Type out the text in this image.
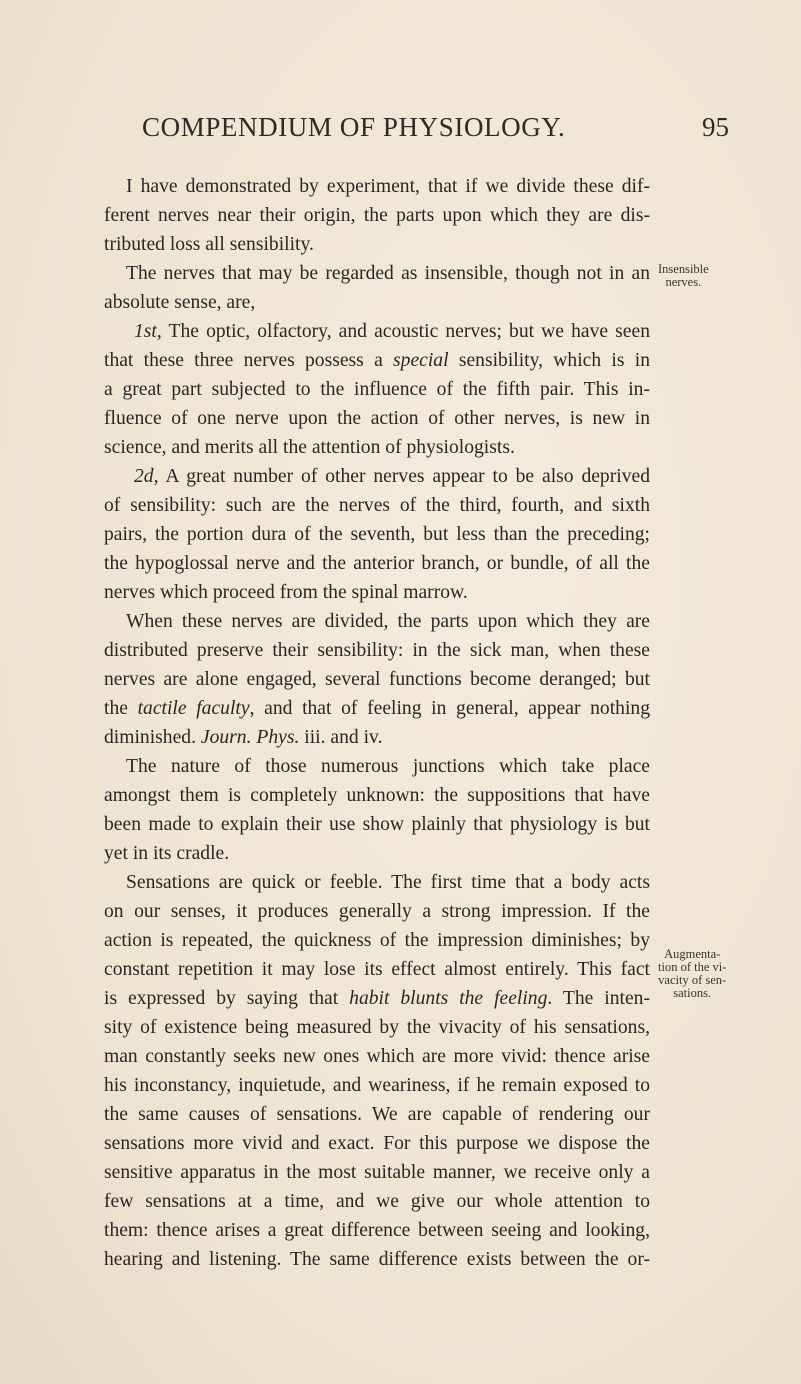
COMPENDIUM OF PHYSIOLOGY.	95
I have demonstrated by experiment, that if we divide these dif-
ferent nerves near their origin, the parts upon which they are dis-
tributed loss all sensibility.
The nerves that may be regarded as insensible, though not in an
absolute sense, are,
1st, The optic, olfactory, and acoustic nerves; but we have seen
that these three nerves possess a special sensibility, which is in
a great part subjected to the influence of the fifth pair. This in-
fluence of one nerve upon the action of other nerves, is new in
science, and merits all the attention of physiologists.
2d, A great number of other nerves appear to be also deprived
of sensibility: such are the nerves of the third, fourth, and sixth
pairs, the portion dura of the seventh, but less than the preceding;
the hypoglossal nerve and the anterior branch, or bundle, of all the
nerves which proceed from the spinal marrow.
When these nerves are divided, the parts upon which they are
distributed preserve their sensibility: in the sick man, when these
nerves are alone engaged, several functions become deranged; but
the tactile faculty, and that of feeling in general, appear nothing
diminished. Journ. Phys. iii. and iv.
The nature of those numerous junctions which take place
amongst them is completely unknown: the suppositions that have
been made to explain their use show plainly that physiology is but
yet in its cradle.
Sensations are quick or feeble. The first time that a body acts
on our senses, it produces generally a strong impression. If the
action is repeated, the quickness of the impression diminishes; by
constant repetition it may lose its effect almost entirely. This fact
is expressed by saying that habit blunts the feeling. The inten-
sity of existence being measured by the vivacity of his sensations,
man constantly seeks new ones which are more vivid: thence arise
his inconstancy, inquietude, and weariness, if he remain exposed to
the same causes of sensations. We are capable of rendering our
sensations more vivid and exact. For this purpose we dispose the
sensitive apparatus in the most suitable manner, we receive only a
few sensations at a time, and we give our whole attention to
them: thence arises a great difference between seeing and looking,
hearing and listening. The same difference exists between the or-
Insensible
nerves.
Augmenta-
tion of the vi-
vacity of sen-
sations.
